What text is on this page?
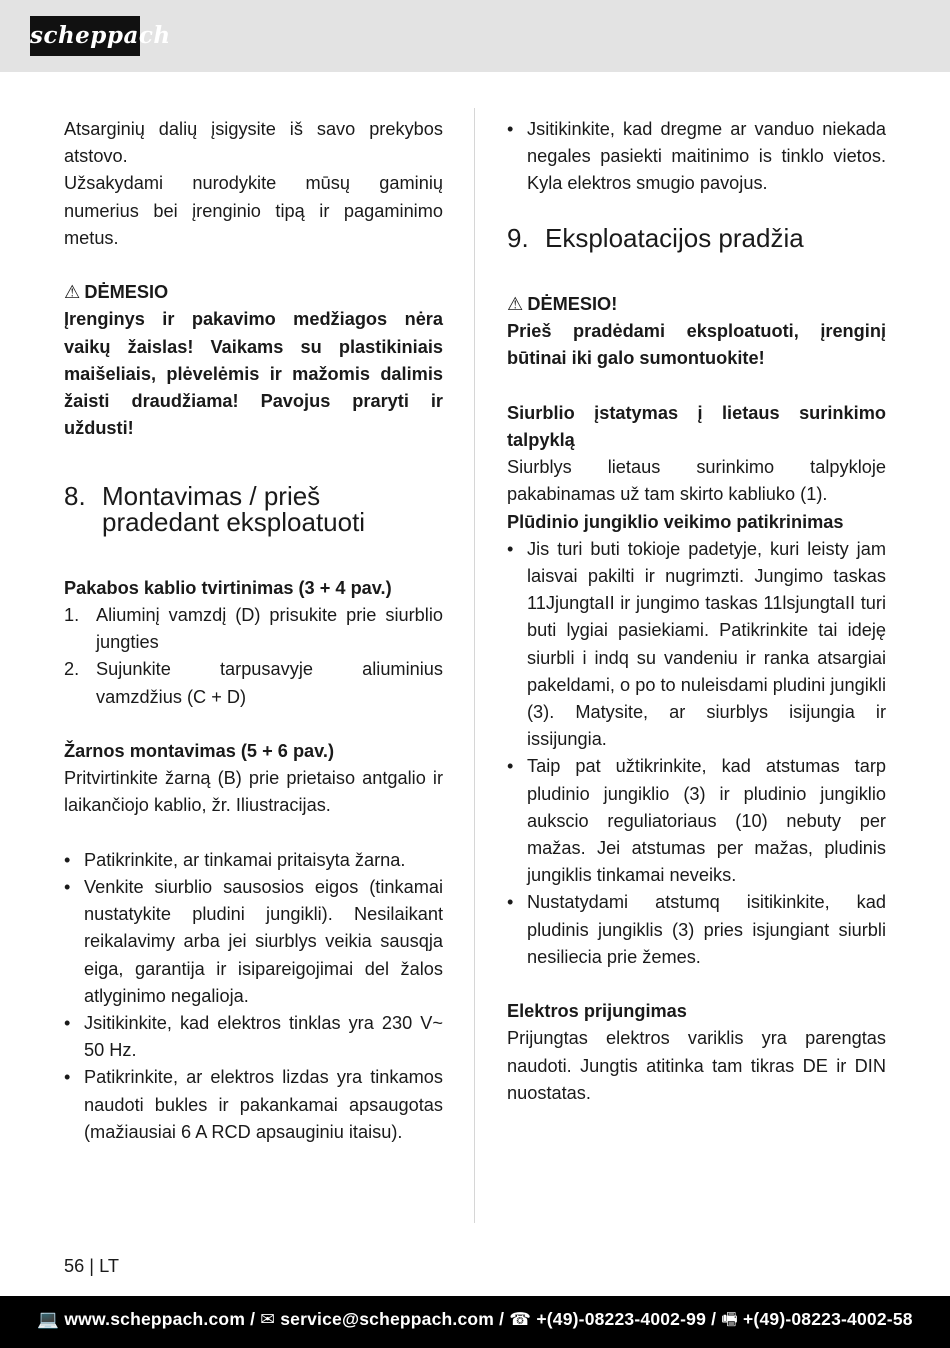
scheppach

Atsarginių dalių įsigysite iš savo prekybos atstovo.

Užsakydami nurodykite mūsų gaminių numerius bei įrenginio tipą ir pagaminimo metus.

⚠ DĖMESIO

Įrenginys ir pakavimo medžiagos nėra vaikų žaislas! Vaikams su plastikiniais maišeliais, plėvelėmis ir mažomis dalimis žaisti draudžiama! Pavojus praryti ir uždusti!

8. Montavimas / prieš pradedant eksploatuoti

Pakabos kablio tvirtinimas (3 + 4 pav.)

1. Aliuminį vamzdį (D) prisukite prie siurblio jungties
2. Sujunkite tarpusavyje aliuminius vamzdžius (C + D)

Žarnos montavimas (5 + 6 pav.)

Pritvirtinkite žarną (B) prie prietaiso antgalio ir laikančiojo kablio, žr. Iliustracijas.

• Patikrinkite, ar tinkamai pritaisyta žarna.
• Venkite siurblio sausosios eigos (tinkamai nustatykite pludini jungikli). Nesilaikant reikalavimy arba jei siurblys veikia sausqja eiga, garantija ir isipareigojimai del žalos atlyginimo negalioja.
• Jsitikinkite, kad elektros tinklas yra 230 V~ 50 Hz.
• Patikrinkite, ar elektros lizdas yra tinkamos naudoti bukles ir pakankamai apsaugotas (mažiausiai 6 A RCD apsauginiu itaisu).
• Jsitikinkite, kad dregme ar vanduo niekada negales pasiekti maitinimo is tinklo vietos. Kyla elektros smugio pavojus.
9. Eksploatacijos pradžia

⚠ DĖMESIO!

Prieš pradėdami eksploatuoti, įrenginį būtinai iki galo sumontuokite!

Siurblio įstatymas į lietaus surinkimo talpyklą

Siurblys lietaus surinkimo talpykloje pakabinamas už tam skirto kabliuko (1).

Plūdinio jungiklio veikimo patikrinimas

• Jis turi buti tokioje padetyje, kuri leisty jam laisvai pakilti ir nugrimzti. Jungimo taskas 11JjungtaII ir jungimo taskas 11lsjungtaII turi buti lygiai pasiekiami. Patikrinkite tai ideję siurbli i indq su vandeniu ir ranka atsargiai pakeldami, o po to nuleisdami pludini jungikli (3). Matysite, ar siurblys isijungia ir issijungia.
• Taip pat užtikrinkite, kad atstumas tarp pludinio jungiklio (3) ir pludinio jungiklio aukscio reguliatoriaus (10) nebuty per mažas. Jei atstumas per mažas, pludinis jungiklis tinkamai neveiks.
• Nustatydami atstumq isitikinkite, kad pludinis jungiklis (3) pries isjungiant siurbli nesiliecia prie žemes.

Elektros prijungimas

Prijungtas elektros variklis yra parengtas naudoti. Jungtis atitinka tam tikras DE ir DIN nuostatas.

56 | LT
💻 www.scheppach.com / ✉ service@scheppach.com / ☎ +(49)-08223-4002-99 / 🖷 +(49)-08223-4002-58
